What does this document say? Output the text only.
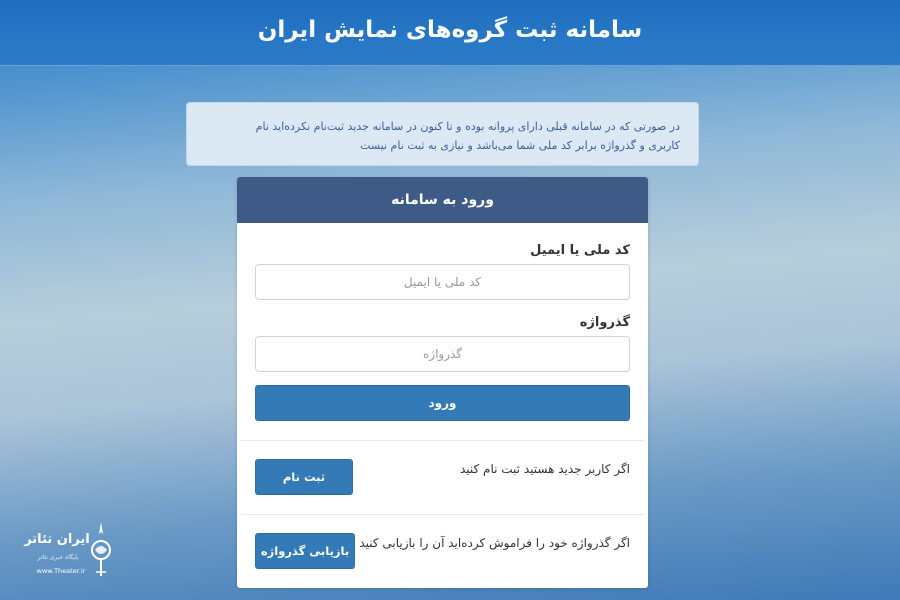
سامانه ثبت گروه‌های نمایش ایران
در صورتی که در سامانه قبلی دارای پروانه بوده و تا کنون در سامانه جدید ثبت‌نام نکرده‌اید نام
کاربری و گذرواژه برابر کد ملی شما می‌باشد و نیازی به ثبت نام نیست
ورود به سامانه
کد ملی یا ایمیل
کد ملی یا ایمیل
گذرواژه
ورود
اگر کاربر جدید هستید ثبت نام کنید
ثبت نام
اگر گذرواژه خود را فراموش کرده‌اید آن را بازیابی کنید
بازیابی گذرواژه
ایران تئاتر
پایگاه خبری تئاتر
www.Theater.ir
